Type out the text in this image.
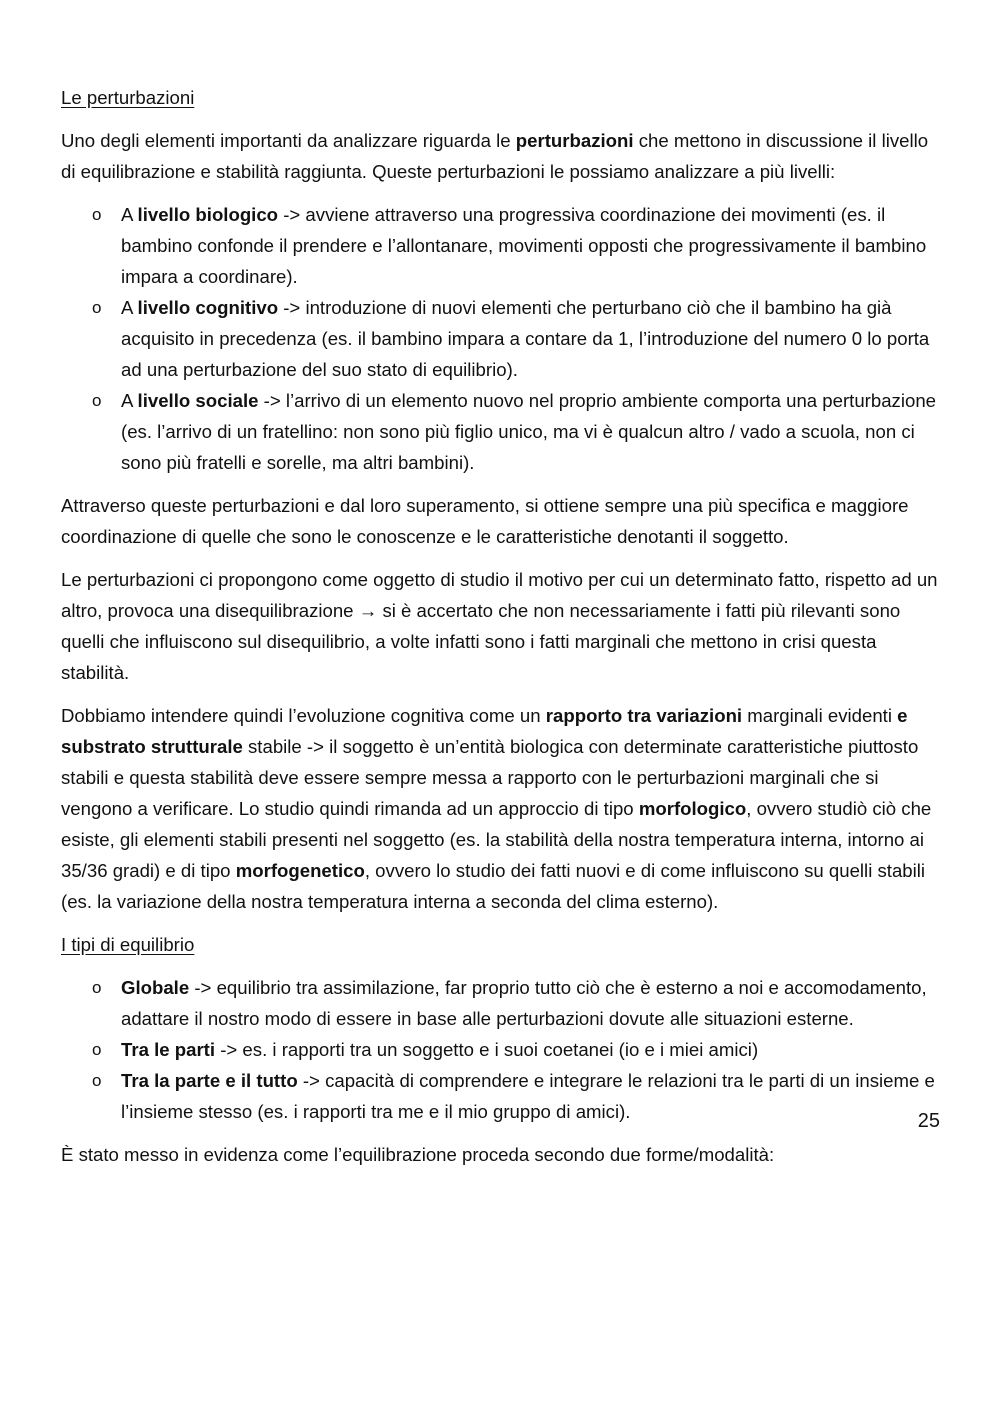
Le perturbazioni

Uno degli elementi importanti da analizzare riguarda le perturbazioni che mettono in discussione il livello di equilibrazione e stabilità raggiunta. Queste perturbazioni le possiamo analizzare a più livelli:

o A livello biologico -> avviene attraverso una progressiva coordinazione dei movimenti (es. il bambino confonde il prendere e l’allontanare, movimenti opposti che progressivamente il bambino impara a coordinare).
o A livello cognitivo -> introduzione di nuovi elementi che perturbano ciò che il bambino ha già acquisito in precedenza (es. il bambino impara a contare da 1, l’introduzione del numero 0 lo porta ad una perturbazione del suo stato di equilibrio).
o A livello sociale -> l’arrivo di un elemento nuovo nel proprio ambiente comporta una perturbazione (es. l’arrivo di un fratellino: non sono più figlio unico, ma vi è qualcun altro / vado a scuola, non ci sono più fratelli e sorelle, ma altri bambini).

Attraverso queste perturbazioni e dal loro superamento, si ottiene sempre una più specifica e maggiore coordinazione di quelle che sono le conoscenze e le caratteristiche denotanti il soggetto.

Le perturbazioni ci propongono come oggetto di studio il motivo per cui un determinato fatto, rispetto ad un altro, provoca una disequilibrazione → si è accertato che non necessariamente i fatti più rilevanti sono quelli che influiscono sul disequilibrio, a volte infatti sono i fatti marginali che mettono in crisi questa stabilità.

Dobbiamo intendere quindi l’evoluzione cognitiva come un rapporto tra variazioni marginali evidenti e substrato strutturale stabile -> il soggetto è un’entità biologica con determinate caratteristiche piuttosto stabili e questa stabilità deve essere sempre messa a rapporto con le perturbazioni marginali che si vengono a verificare. Lo studio quindi rimanda ad un approccio di tipo morfologico, ovvero studiò ciò che esiste, gli elementi stabili presenti nel soggetto (es. la stabilità della nostra temperatura interna, intorno ai 35/36 gradi) e di tipo morfogenetico, ovvero lo studio dei fatti nuovi e di come influiscono su quelli stabili (es. la variazione della nostra temperatura interna a seconda del clima esterno).

I tipi di equilibrio

o Globale -> equilibrio tra assimilazione, far proprio tutto ciò che è esterno a noi e accomodamento, adattare il nostro modo di essere in base alle perturbazioni dovute alle situazioni esterne.
o Tra le parti -> es. i rapporti tra un soggetto e i suoi coetanei (io e i miei amici)
o Tra la parte e il tutto -> capacità di comprendere e integrare le relazioni tra le parti di un insieme e l’insieme stesso (es. i rapporti tra me e il mio gruppo di amici).

È stato messo in evidenza come l’equilibrazione proceda secondo due forme/modalità:

25
